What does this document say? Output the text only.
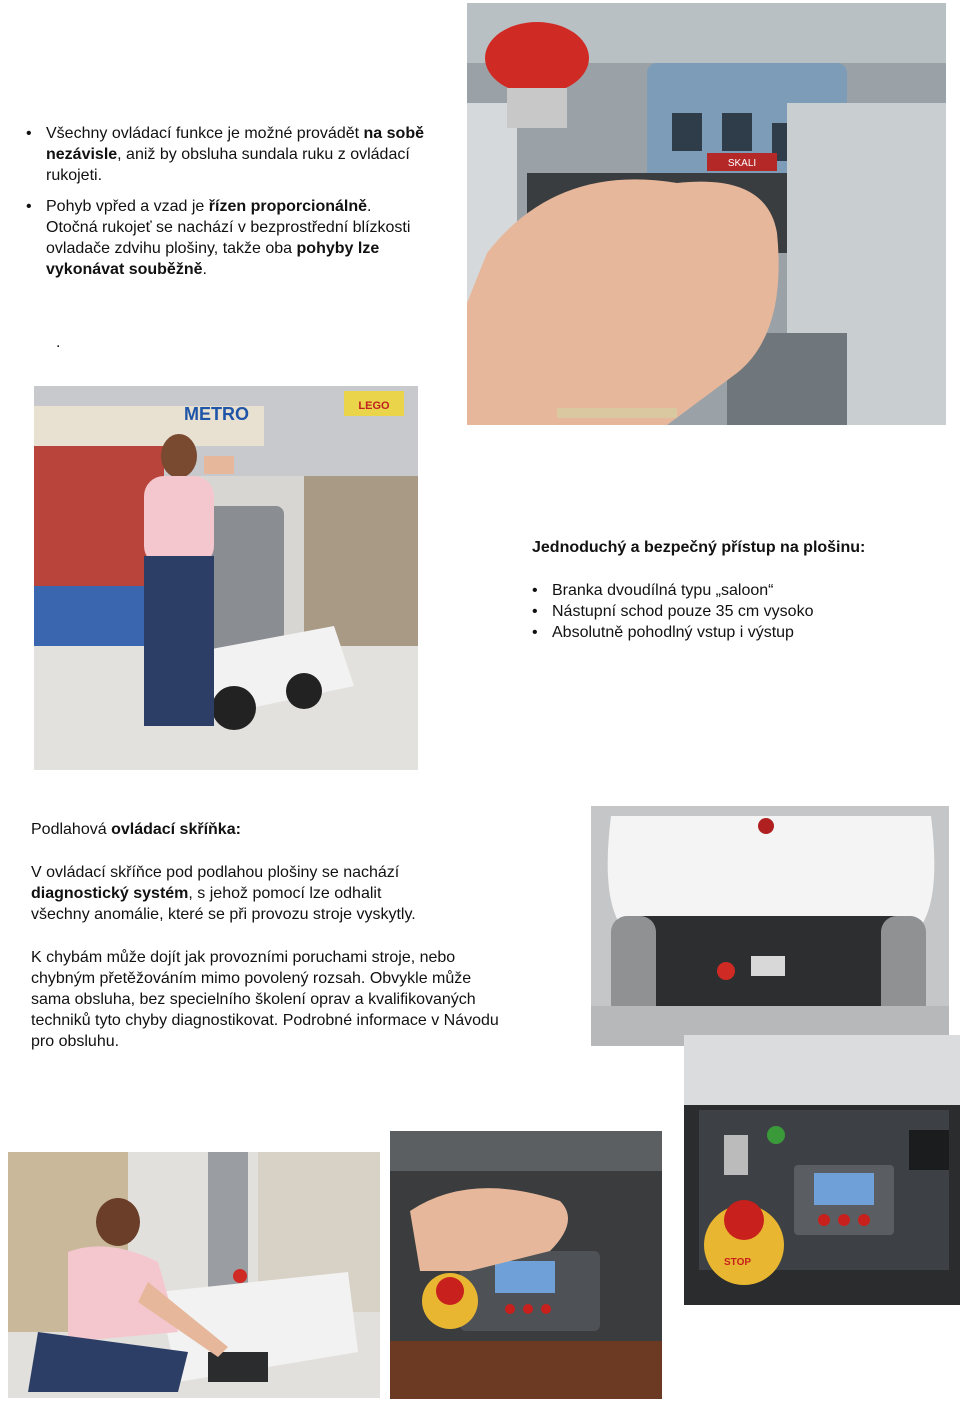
• Všechny ovládací funkce je možné provádět na sobě nezávisle, aniž by obsluha sundala ruku z ovládací rukojeti.
• Pohyb vpřed a vzad je řízen proporcionálně. Otočná rukojeť se nachází v bezprostřední blízkosti ovladače zdvihu plošiny, takže oba pohyby lze vykonávat souběžně.
.
SKALI
METRO	LEGO

Jednoduchý a bezpečný přístup na plošinu:

• Branka dvoudílná typu „saloon“
• Nástupní schod pouze 35 cm vysoko
• Absolutně pohodlný vstup i výstup

Podlahová ovládací skříňka:

V ovládací skříňce pod podlahou plošiny se nachází diagnostický systém, s jehož pomocí lze odhalit všechny anomálie, které se při provozu stroje vyskytly.

K chybám může dojít jak provozními poruchami stroje, nebo chybným přetěžováním mimo povolený rozsah. Obvykle může sama obsluha, bez specielního školení oprav a kvalifikovaných techniků tyto chyby diagnostikovat. Podrobné informace v Návodu pro obsluhu.

STOP
